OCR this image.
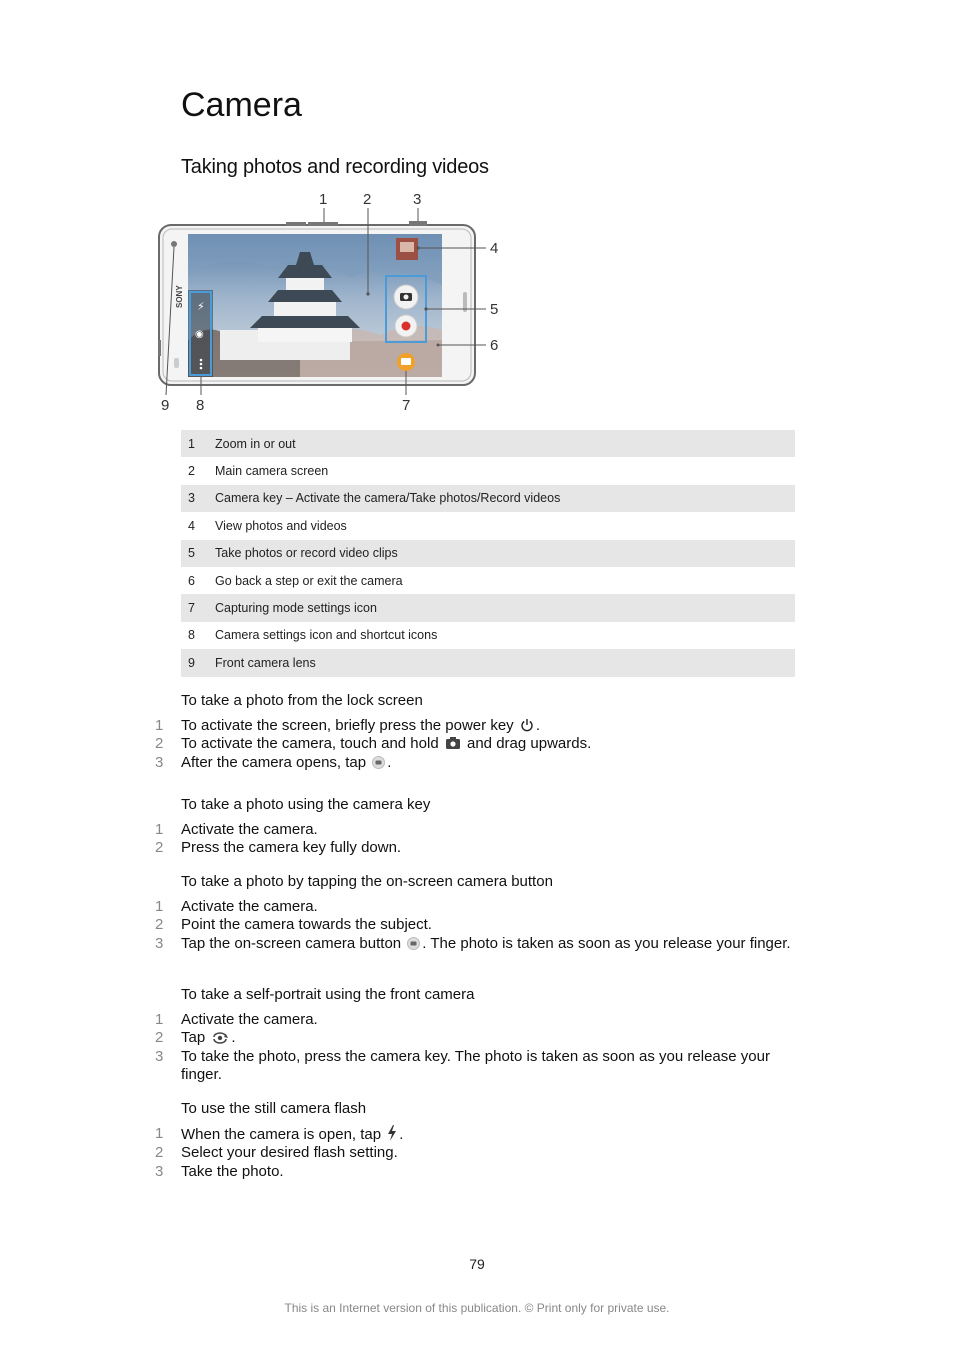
Camera
Taking photos and recording videos
SONY ⚡
◉
1 2	3
4
5
6
7
8
9
1	Zoom in or out
2	Main camera screen
3	Camera key – Activate the camera/Take photos/Record videos
4	View photos and videos
5	Take photos or record video clips
6	Go back a step or exit the camera
7	Capturing mode settings icon
8	Camera settings icon and shortcut icons
9	Front camera lens
To take a photo from the lock screen
1	To activate the screen, briefly press the power key .
2	To activate the camera, touch and hold  and drag upwards.
3	After the camera opens, tap .
To take a photo using the camera key
1	Activate the camera.
2	Press the camera key fully down.
To take a photo by tapping the on-screen camera button
1	Activate the camera.
2	Point the camera towards the subject.
3	Tap the on-screen camera button . The photo is taken as soon as you release your finger.
To take a self-portrait using the front camera
1	Activate the camera.
2	Tap .
3	To take the photo, press the camera key. The photo is taken as soon as you release your finger.
To use the still camera flash
1	When the camera is open, tap .
2	Select your desired flash setting.
3	Take the photo.
79
This is an Internet version of this publication. © Print only for private use.
